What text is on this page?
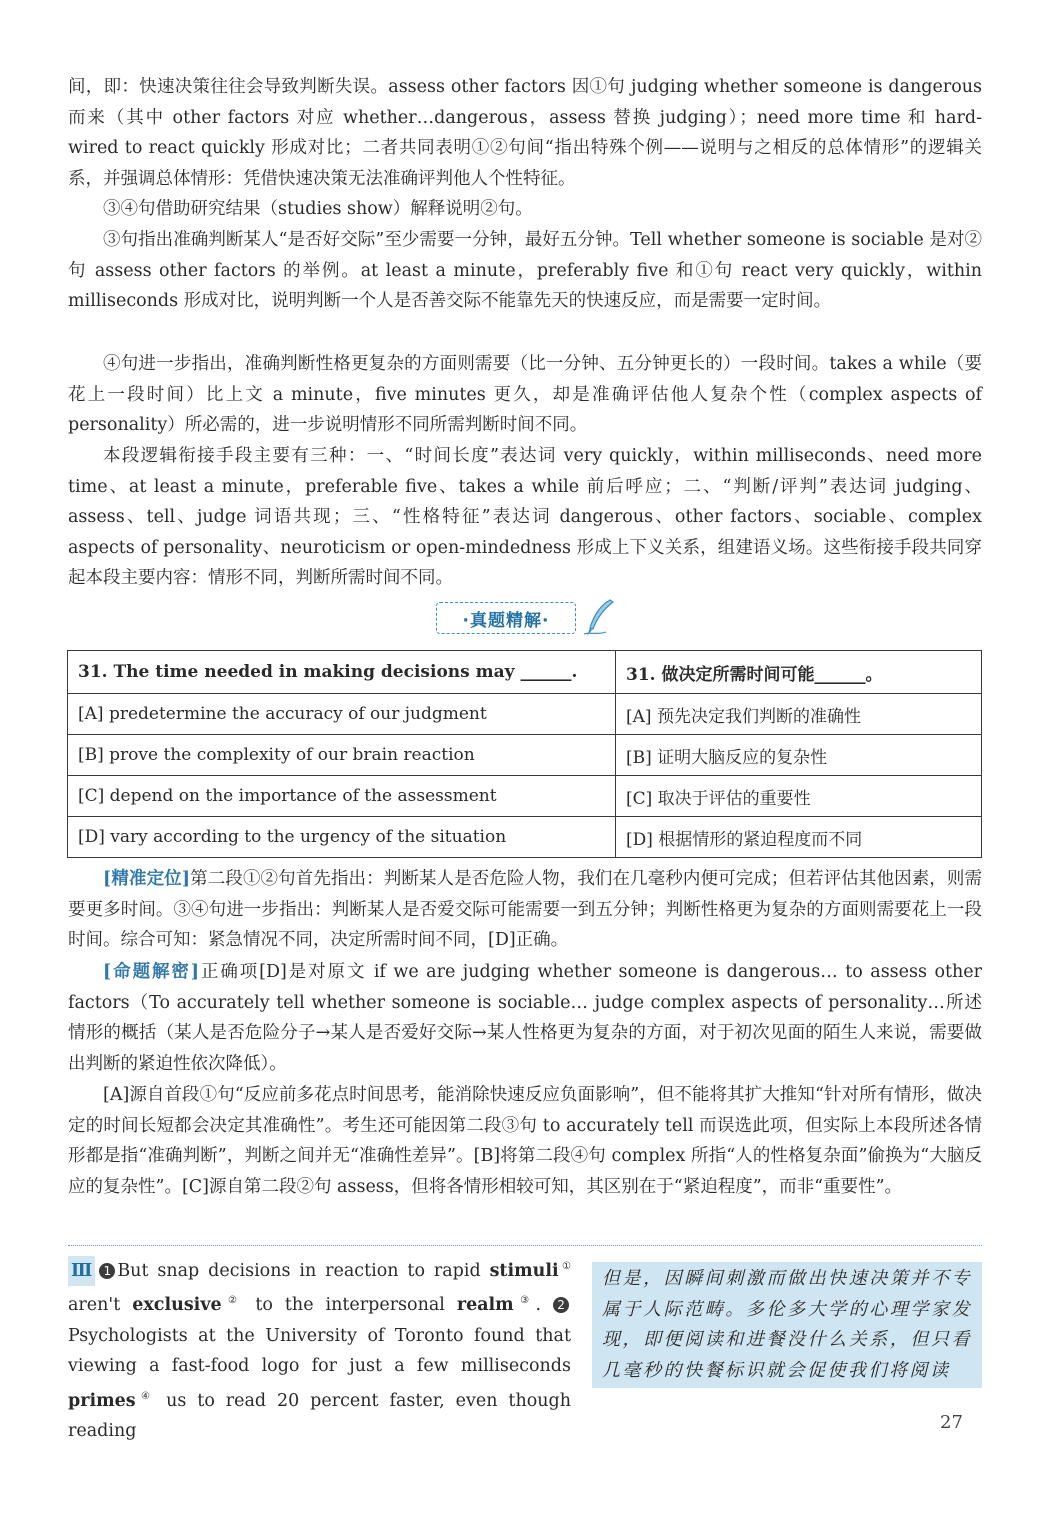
间，即：快速决策往往会导致判断失误。assess other factors 因①句 judging whether someone is dangerous 而来（其中 other factors 对应 whether…dangerous，assess 替换 judging）；need more time 和 hard-wired to react quickly 形成对比；二者共同表明①②句间“指出特殊个例——说明与之相反的总体情形”的逻辑关系，并强调总体情形：凭借快速决策无法准确评判他人个性特征。

③④句借助研究结果（studies show）解释说明②句。

③句指出准确判断某人“是否好交际”至少需要一分钟，最好五分钟。Tell whether someone is sociable 是对②句 assess other factors 的举例。at least a minute，preferably five 和①句 react very quickly，within milliseconds 形成对比，说明判断一个人是否善交际不能靠先天的快速反应，而是需要一定时间。

④句进一步指出，准确判断性格更复杂的方面则需要（比一分钟、五分钟更长的）一段时间。takes a while（要花上一段时间）比上文 a minute，five minutes 更久，却是准确评估他人复杂个性（complex aspects of personality）所必需的，进一步说明情形不同所需判断时间不同。

本段逻辑衔接手段主要有三种：一、“时间长度”表达词 very quickly，within milliseconds、need more time、at least a minute，preferable five、takes a while 前后呼应；二、“判断/评判”表达词 judging、assess、tell、judge 词语共现；三、“性格特征”表达词 dangerous、other factors、sociable、complex aspects of personality、neuroticism or open-mindedness 形成上下义关系，组建语义场。这些衔接手段共同穿起本段主要内容：情形不同，判断所需时间不同。

·真题精解·
31. The time needed in making decisions may ______.	31. 做决定所需时间可能______。
[A] predetermine the accuracy of our judgment	[A] 预先决定我们判断的准确性
[B] prove the complexity of our brain reaction	[B] 证明大脑反应的复杂性
[C] depend on the importance of the assessment	[C] 取决于评估的重要性
[D] vary according to the urgency of the situation	[D] 根据情形的紧迫程度而不同

[精准定位]第二段①②句首先指出：判断某人是否危险人物，我们在几毫秒内便可完成；但若评估其他因素，则需要更多时间。③④句进一步指出：判断某人是否爱交际可能需要一到五分钟；判断性格更为复杂的方面则需要花上一段时间。综合可知：紧急情况不同，决定所需时间不同，[D]正确。

[命题解密]正确项[D]是对原文 if we are judging whether someone is dangerous… to assess other factors（To accurately tell whether someone is sociable… judge complex aspects of personality…所述情形的概括（某人是否危险分子→某人是否爱好交际→某人性格更为复杂的方面，对于初次见面的陌生人来说，需要做出判断的紧迫性依次降低）。

[A]源自首段①句“反应前多花点时间思考，能消除快速反应负面影响”，但不能将其扩大推知“针对所有情形，做决定的时间长短都会决定其准确性”。考生还可能因第二段③句 to accurately tell 而误选此项，但实际上本段所述各情形都是指“准确判断”，判断之间并无“准确性差异”。[B]将第二段④句 complex 所指“人的性格复杂面”偷换为“大脑反应的复杂性”。[C]源自第二段②句 assess，但将各情形相较可知，其区别在于“紧迫程度”，而非“重要性”。

Ⅲ 1 But snap decisions in reaction to rapid stimuli① aren't exclusive② to the interpersonal realm③. 2 Psychologists at the University of Toronto found that viewing a fast-food logo for just a few milliseconds primes④ us to read 20 percent faster, even though reading
但是，因瞬间刺激而做出快速决策并不专属于人际范畴。多伦多大学的心理学家发现，即便阅读和进餐没什么关系，但只看几毫秒的快餐标识就会促使我们将阅读
27
